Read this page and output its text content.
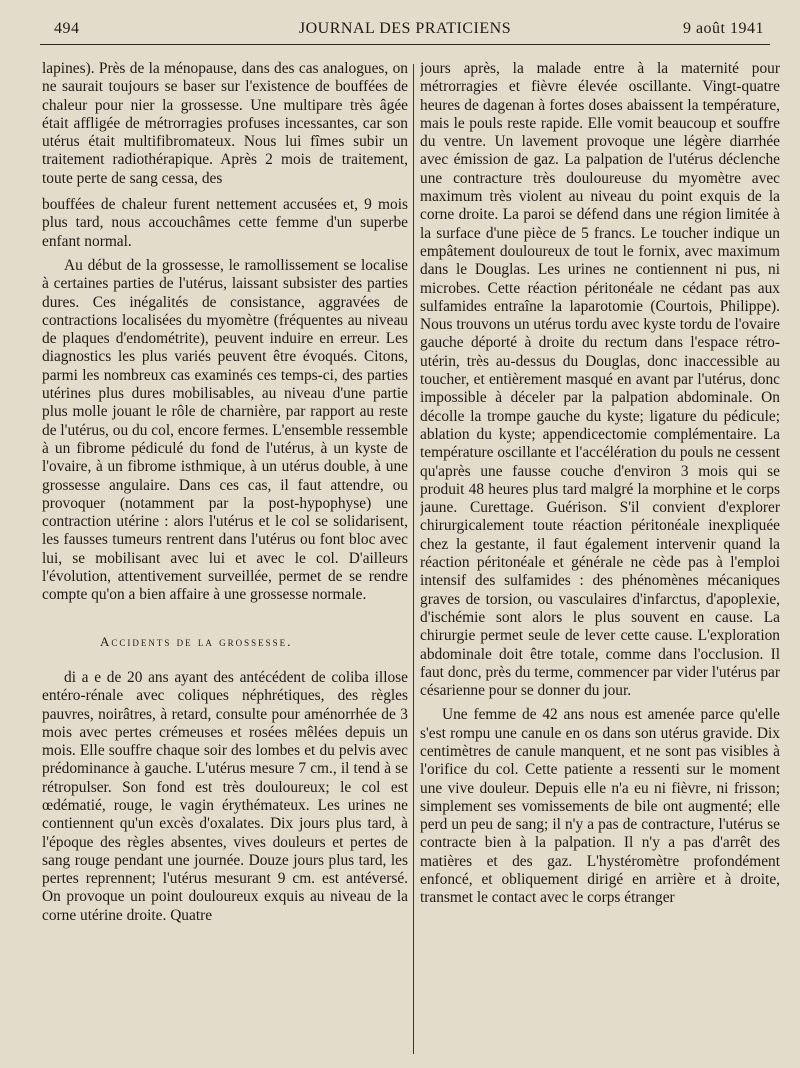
494	JOURNAL DES PRATICIENS	9 août 1941

lapines). Près de la ménopause, dans des cas analogues, on ne saurait toujours se baser sur l'existence de bouffées de chaleur pour nier la grossesse. Une multipare très âgée était affligée de métrorragies profuses incessantes, car son utérus était multifibromateux. Nous lui fîmes subir un traitement radiothérapique. Après 2 mois de traitement, toute perte de sang cessa, des

bouffées de chaleur furent nettement accusées et, 9 mois plus tard, nous accouchâmes cette femme d'un superbe enfant normal.

Au début de la grossesse, le ramollissement se localise à certaines parties de l'utérus, laissant subsister des parties dures. Ces inégalités de consistance, aggravées de contractions localisées du myomètre (fréquentes au niveau de plaques d'endométrite), peuvent induire en erreur. Les diagnostics les plus variés peuvent être évoqués. Citons, parmi les nombreux cas examinés ces temps-ci, des parties utérines plus dures mobilisables, au niveau d'une partie plus molle jouant le rôle de charnière, par rapport au reste de l'utérus, ou du col, encore fermes. L'ensemble ressemble à un fibrome pédiculé du fond de l'utérus, à un kyste de l'ovaire, à un fibrome isthmique, à un utérus double, à une grossesse angulaire. Dans ces cas, il faut attendre, ou provoquer (notamment par la post-hypophyse) une contraction utérine : alors l'utérus et le col se solidarisent, les fausses tumeurs rentrent dans l'utérus ou font bloc avec lui, se mobilisant avec lui et avec le col. D'ailleurs l'évolution, attentivement surveillée, permet de se rendre compte qu'on a bien affaire à une grossesse normale.

Accidents de la grossesse.

di a e de 20 ans ayant des antécédent de coliba illose entéro-rénale avec coliques néphrétiques, des règles pauvres, noirâtres, à retard, consulte pour aménorrhée de 3 mois avec pertes crémeuses et rosées mêlées depuis un mois. Elle souffre chaque soir des lombes et du pelvis avec prédominance à gauche. L'utérus mesure 7 cm., il tend à se rétropulser. Son fond est très douloureux; le col est œdématié, rouge, le vagin érythémateux. Les urines ne contiennent qu'un excès d'oxalates. Dix jours plus tard, à l'époque des règles absentes, vives douleurs et pertes de sang rouge pendant une journée. Douze jours plus tard, les pertes reprennent; l'utérus mesurant 9 cm. est antéversé. On provoque un point douloureux exquis au niveau de la corne utérine droite. Quatre

jours après, la malade entre à la maternité pour métrorragies et fièvre élevée oscillante. Vingt-quatre heures de dagenan à fortes doses abaissent la température, mais le pouls reste rapide. Elle vomit beaucoup et souffre du ventre. Un lavement provoque une légère diarrhée avec émission de gaz. La palpation de l'utérus déclenche une contracture très douloureuse du myomètre avec maximum très violent au niveau du point exquis de la corne droite. La paroi se défend dans une région limitée à la surface d'une pièce de 5 francs. Le toucher indique un empâtement douloureux de tout le fornix, avec maximum dans le Douglas. Les urines ne contiennent ni pus, ni microbes. Cette réaction péritonéale ne cédant pas aux sulfamides entraîne la laparotomie (Courtois, Philippe). Nous trouvons un utérus tordu avec kyste tordu de l'ovaire gauche déporté à droite du rectum dans l'espace rétro-utérin, très au-dessus du Douglas, donc inaccessible au toucher, et entièrement masqué en avant par l'utérus, donc impossible à déceler par la palpation abdominale. On décolle la trompe gauche du kyste; ligature du pédicule; ablation du kyste; appendicectomie complémentaire. La température oscillante et l'accélération du pouls ne cessent qu'après une fausse couche d'environ 3 mois qui se produit 48 heures plus tard malgré la morphine et le corps jaune. Curettage. Guérison. S'il convient d'explorer chirurgicalement toute réaction péritonéale inexpliquée chez la gestante, il faut également intervenir quand la réaction péritonéale et générale ne cède pas à l'emploi intensif des sulfamides : des phénomènes mécaniques graves de torsion, ou vasculaires d'infarctus, d'apoplexie, d'ischémie sont alors le plus souvent en cause. La chirurgie permet seule de lever cette cause. L'exploration abdominale doit être totale, comme dans l'occlusion. Il faut donc, près du terme, commencer par vider l'utérus par césarienne pour se donner du jour.

Une femme de 42 ans nous est amenée parce qu'elle s'est rompu une canule en os dans son utérus gravide. Dix centimètres de canule manquent, et ne sont pas visibles à l'orifice du col. Cette patiente a ressenti sur le moment une vive douleur. Depuis elle n'a eu ni fièvre, ni frisson; simplement ses vomissements de bile ont augmenté; elle perd un peu de sang; il n'y a pas de contracture, l'utérus se contracte bien à la palpation. Il n'y a pas d'arrêt des matières et des gaz. L'hystéromètre profondément enfoncé, et obliquement dirigé en arrière et à droite, transmet le contact avec le corps étranger
